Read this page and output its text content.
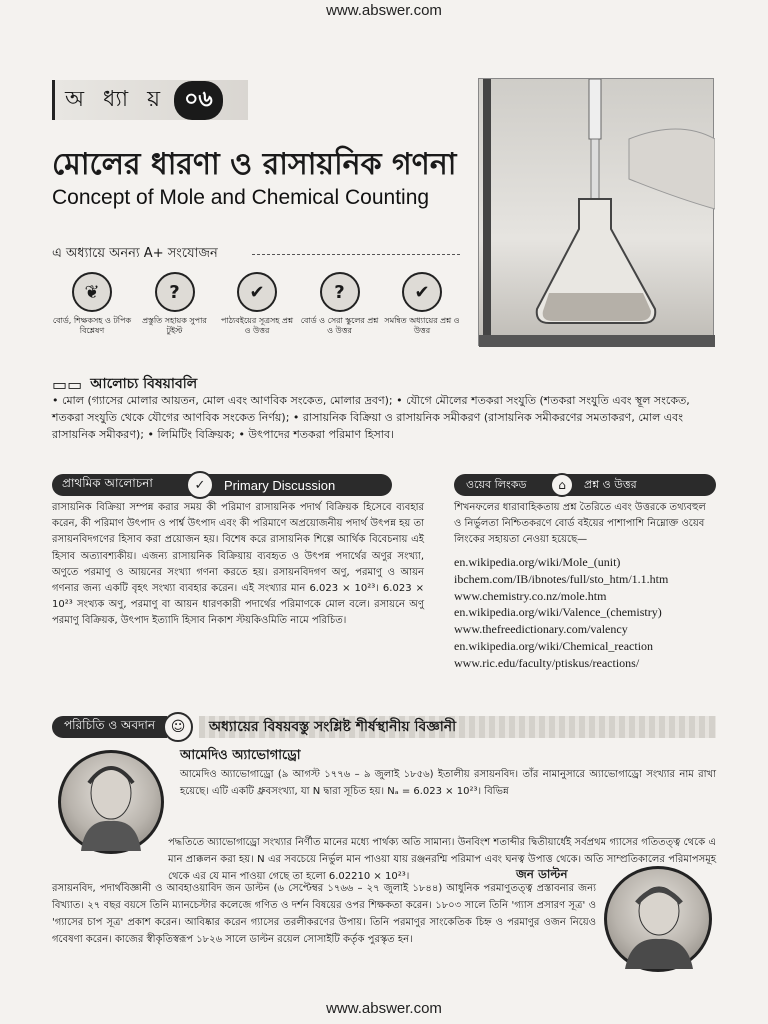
www.abswer.com
অ ধ্যা য় ০৬
মোলের ধারণা ও রাসায়নিক গণনা
Concept of Mole and Chemical Counting
এ অধ্যায়ে অনন্য A+ সংযোজন
❦
বোর্ড, শিক্ষকসহ ও টপিক বিশ্লেষণ
?
প্রস্তুতি সহায়ক সুপার টুইস্ট
✔
পাঠ্যবইয়ের সূত্রসহ প্রশ্ন ও উত্তর
?
বোর্ড ও সেরা স্কুলের প্রশ্ন ও উত্তর
✔
সমন্বিত অধ্যায়ের প্রশ্ন ও উত্তর
▭▭ আলোচ্য বিষয়াবলি
• মোল (গ্যাসের মোলার আয়তন, মোল এবং আণবিক সংকেত, মোলার দ্রবণ); • যৌগে মৌলের শতকরা সংযুতি (শতকরা সংযুতি এবং স্থূল সংকেত, শতকরা সংযুতি থেকে যৌগের আণবিক সংকেত নির্ণয়); • রাসায়নিক বিক্রিয়া ও রাসায়নিক সমীকরণ (রাসায়নিক সমীকরণের সমতাকরণ, মোল এবং রাসায়নিক সমীকরণ); • লিমিটিং বিক্রিয়ক; • উৎপাদের শতকরা পরিমাণ হিসাব।
প্রাথমিক আলোচনা	✓	Primary Discussion
রাসায়নিক বিক্রিয়া সম্পন্ন করার সময় কী পরিমাণ রাসায়নিক পদার্থ বিক্রিয়ক হিসেবে ব্যবহার করেন, কী পরিমাণ উৎপাদ ও পার্শ্ব উৎপাদ এবং কী পরিমাণে অপ্রয়োজনীয় পদার্থ উৎপন্ন হয় তা রসায়নবিদগণের হিসাব করা প্রয়োজন হয়। বিশেষ করে রাসায়নিক শিল্পে আর্থিক বিবেচনায় এই হিসাব অত্যাবশ্যকীয়। এজন্য রাসায়নিক বিক্রিয়ায় ব্যবহৃত ও উৎপন্ন পদার্থের অণুর সংখ্যা, অণুতে পরমাণু ও আয়নের সংখ্যা গণনা করতে হয়। রসায়নবিদগণ অণু, পরমাণু ও আয়ন গণনার জন্য একটি বৃহৎ সংখ্যা ব্যবহার করেন। এই সংখ্যার মান 6.023 × 10²³। 6.023 × 10²³ সংখ্যক অণু, পরমাণু বা আয়ন ধারণকারী পদার্থের পরিমাণকে মোল বলে। রসায়নে অণু পরমাণু বিক্রিয়ক, উৎপাদ ইত্যাদি হিসাব নিকাশ স্টয়কিওমিতি নামে পরিচিত।
ওয়েব লিংকড	⌂	প্রশ্ন ও উত্তর
শিখনফলের ধারাবাহিকতায় প্রশ্ন তৈরিতে এবং উত্তরকে তথ্যবহুল ও নির্ভুলতা নিশ্চিতকরণে বোর্ড বইয়ের পাশাপাশি নিম্নোক্ত ওয়েব লিংকের সহায়তা নেওয়া হয়েছে—
en.wikipedia.org/wiki/Mole_(unit)
ibchem.com/IB/ibnotes/full/sto_htm/1.1.htm
www.chemistry.co.nz/mole.htm
en.wikipedia.org/wiki/Valence_(chemistry)
www.thefreedictionary.com/valency
en.wikipedia.org/wiki/Chemical_reaction
www.ric.edu/faculty/ptiskus/reactions/
পরিচিতি ও অবদান	☺	অধ্যায়ের বিষয়বস্তু সংশ্লিষ্ট শীর্ষস্থানীয় বিজ্ঞানী
আমেদিও অ্যাভোগাড্রো
আমেদিও অ্যাভোগাড্রো (৯ আগস্ট ১৭৭৬ – ৯ জুলাই ১৮৫৬) ইতালীয় রসায়নবিদ। তাঁর নামানুসারে অ্যাভোগাড্রো সংখ্যার নাম রাখা হয়েছে। এটি একটি ধ্রুবসংখ্যা, যা N দ্বারা সূচিত হয়। Nₐ = 6.023 × 10²³। বিভিন্ন
পদ্ধতিতে অ্যাভোগাড্রো সংখ্যার নির্ণীত মানের মধ্যে পার্থক্য অতি সামান্য। উনবিংশ শতাব্দীর দ্বিতীয়ার্ধেই সর্বপ্রথম গ্যাসের গতিতত্ত্ব থেকে এ মান প্রাক্কলন করা হয়। N এর সবচেয়ে নির্ভুল মান পাওয়া যায় রঞ্জনরশ্মি পরিমাপ এবং ঘনত্ব উপাত্ত থেকে। অতি সাম্প্রতিকালের পরিমাপসমূহ থেকে এর যে মান পাওয়া গেছে তা হলো 6.02210 × 10²³।	জন ডাল্টন
রসায়নবিদ, পদার্থবিজ্ঞানী ও আবহাওয়াবিদ জন ডাল্টন (৬ সেপ্টেম্বর ১৭৬৬ – ২৭ জুলাই ১৮৪৪) আধুনিক পরমাণুতত্ত্ব প্রস্তাবনার জন্য বিখ্যাত। ২৭ বছর বয়সে তিনি ম্যানচেস্টার কলেজে গণিত ও দর্শন বিষয়ের ওপর শিক্ষকতা করেন। ১৮০৩ সালে তিনি 'গ্যাস প্রসারণ সূত্র' ও 'গ্যাসের চাপ সূত্র' প্রকাশ করেন। আবিষ্কার করেন গ্যাসের তরলীকরণের উপায়। তিনি পরমাণুর সাংকেতিক চিহ্ন ও পরমাণুর ওজন নিয়েও গবেষণা করেন। কাজের স্বীকৃতিস্বরূপ ১৮২৬ সালে ডাল্টন রয়েল সোসাইটি কর্তৃক পুরস্কৃত হন।
www.abswer.com
